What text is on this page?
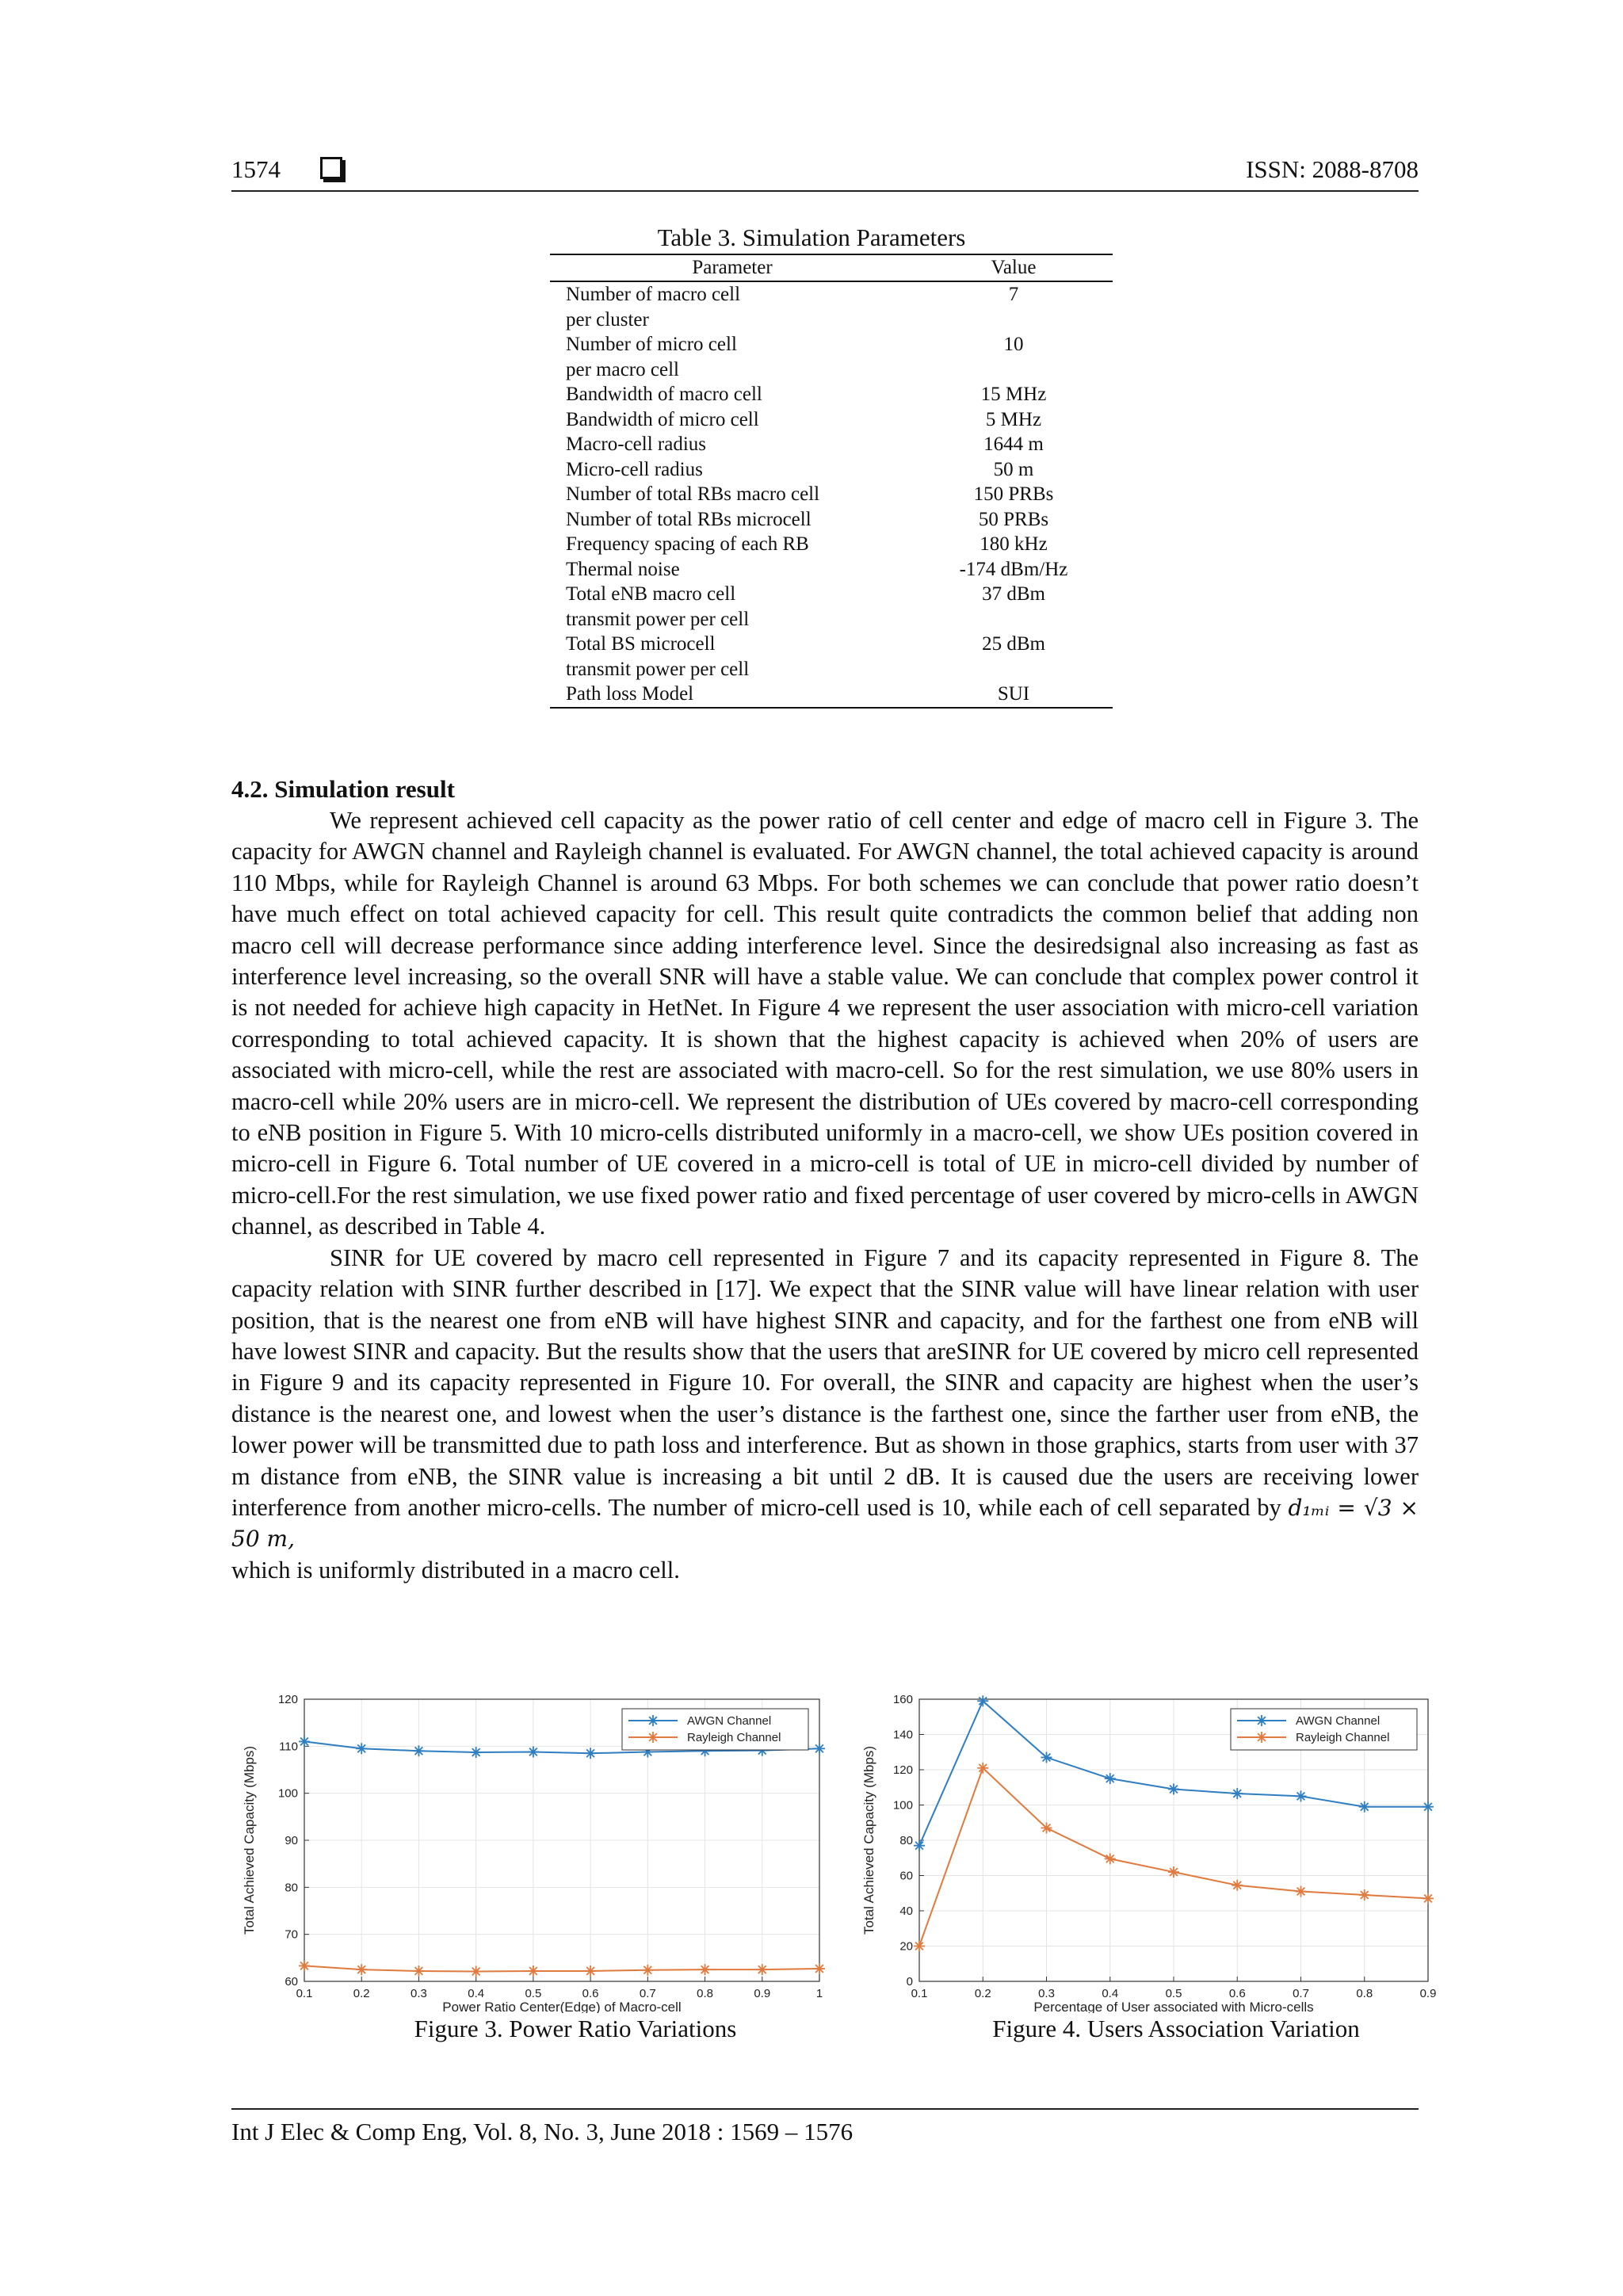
1574	ISSN: 2088-8708
Table 3. Simulation Parameters
Parameter	Value
Number of macro cell
per cluster	7
Number of micro cell
per macro cell	10
Bandwidth of macro cell	15 MHz
Bandwidth of micro cell	5 MHz
Macro-cell radius	1644 m
Micro-cell radius	50 m
Number of total RBs macro cell	150 PRBs
Number of total RBs microcell	50 PRBs
Frequency spacing of each RB	180 kHz
Thermal noise	-174 dBm/Hz
Total eNB macro cell
transmit power per cell	37 dBm
Total BS microcell
transmit power per cell	25 dBm
Path loss Model	SUI
4.2. Simulation result

We represent achieved cell capacity as the power ratio of cell center and edge of macro cell in Figure 3. The capacity for AWGN channel and Rayleigh channel is evaluated. For AWGN channel, the total achieved capacity is around 110 Mbps, while for Rayleigh Channel is around 63 Mbps. For both schemes we can conclude that power ratio doesn’t have much effect on total achieved capacity for cell. This result quite contradicts the common belief that adding non macro cell will decrease performance since adding interference level. Since the desiredsignal also increasing as fast as interference level increasing, so the overall SNR will have a stable value. We can conclude that complex power control it is not needed for achieve high capacity in HetNet. In Figure 4 we represent the user association with micro-cell variation corresponding to total achieved capacity. It is shown that the highest capacity is achieved when 20% of users are associated with micro-cell, while the rest are associated with macro-cell. So for the rest simulation, we use 80% users in macro-cell while 20% users are in micro-cell. We represent the distribution of UEs covered by macro-cell corresponding to eNB position in Figure 5. With 10 micro-cells distributed uniformly in a macro-cell, we show UEs position covered in micro-cell in Figure 6. Total number of UE covered in a micro-cell is total of UE in micro-cell divided by number of micro-cell.For the rest simulation, we use fixed power ratio and fixed percentage of user covered by micro-cells in AWGN channel, as described in Table 4.

SINR for UE covered by macro cell represented in Figure 7 and its capacity represented in Figure 8. The capacity relation with SINR further described in [17]. We expect that the SINR value will have linear relation with user position, that is the nearest one from eNB will have highest SINR and capacity, and for the farthest one from eNB will have lowest SINR and capacity. But the results show that the users that areSINR for UE covered by micro cell represented in Figure 9 and its capacity represented in Figure 10. For overall, the SINR and capacity are highest when the user’s distance is the nearest one, and lowest when the user’s distance is the farthest one, since the farther user from eNB, the lower power will be transmitted due to path loss and interference. But as shown in those graphics, starts from user with 37 m distance from eNB, the SINR value is increasing a bit until 2 dB. It is caused due the users are receiving lower interference from another micro-cells. The number of micro-cell used is 10, while each of cell separated by d₁ₘᵢ = √3 × 50 m,
which is uniformly distributed in a macro cell.

60
70
80
90
100
110
120
0.1	0.2	0.3	0.4	0.5	0.6	0.7	0.8	0.9	1
Power Ratio Center(Edge) of Macro-cell
Total Achieved Capacity (Mbps)
AWGN Channel
Rayleigh Channel
Figure 3. Power Ratio Variations
0
20
40
60
80
100
120
140
160
0.1	0.2	0.3	0.4	0.5	0.6	0.7	0.8	0.9
Percentage of User associated with Micro-cells
Total Achieved Capacity (Mbps)
AWGN Channel
Rayleigh Channel
Figure 4. Users Association Variation
Int J Elec & Comp Eng, Vol. 8, No. 3, June 2018 : 1569 – 1576
